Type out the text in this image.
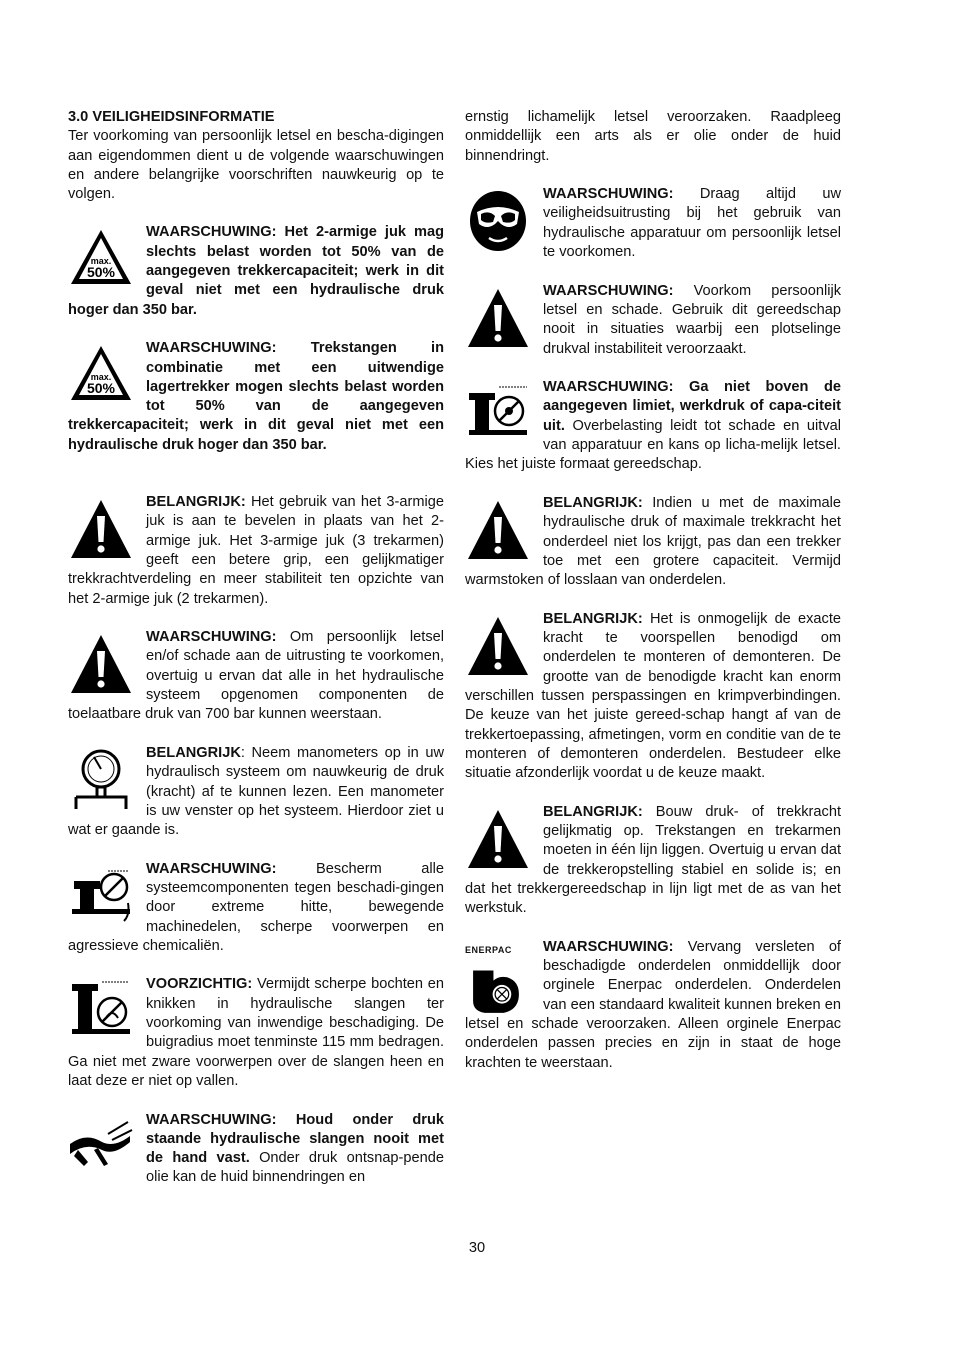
3.0 VEILIGHEIDSINFORMATIE

Ter voorkoming van persoonlijk letsel en bescha-digingen aan eigendommen dient u de volgende waarschuwingen en andere belangrijke voorschriften nauwkeurig op te volgen.

WAARSCHUWING: Het 2-armige juk mag slechts belast worden tot 50% van de aangegeven trekkercapaciteit; werk in dit geval niet met een hydraulische druk hoger dan 350 bar.
WAARSCHUWING: Trekstangen in combinatie met een uitwendige lagertrekker mogen slechts belast worden tot 50% van de aangegeven trekkercapaciteit; werk in dit geval niet met een hydraulische druk hoger dan 350 bar.
BELANGRIJK: Het gebruik van het 3-armige juk is aan te bevelen in plaats van het 2-armige juk. Het 3-armige juk (3 trekarmen) geeft een betere grip, een gelijkmatiger trekkrachtverdeling en meer stabiliteit ten opzichte van het 2-armige juk (2 trekarmen).
WAARSCHUWING: Om persoonlijk letsel en/of schade aan de uitrusting te voorkomen, overtuig u ervan dat alle in het hydraulische systeem opgenomen componenten de toelaatbare druk van 700 bar kunnen weerstaan.
BELANGRIJK: Neem manometers op in uw hydraulisch systeem om nauwkeurig de druk (kracht) af te kunnen lezen. Een manometer is uw venster op het systeem. Hierdoor ziet u wat er gaande is.
WAARSCHUWING: Bescherm alle systeemcomponenten tegen beschadi-gingen door extreme hitte, bewegende machinedelen, scherpe voorwerpen en agressieve chemicaliën.
VOORZICHTIG: Vermijdt scherpe bochten en knikken in hydraulische slangen ter voorkoming van inwendige beschadiging. De buigradius moet tenminste 115 mm bedragen. Ga niet met zware voorwerpen over de slangen heen en laat deze er niet op vallen.
WAARSCHUWING: Houd onder druk staande hydraulische slangen nooit met de hand vast. Onder druk ontsnap-pende olie kan de huid binnendringen en

ernstig lichamelijk letsel veroorzaken. Raadpleeg onmiddellijk een arts als er olie onder de huid binnendringt.

WAARSCHUWING: Draag altijd uw veiligheidsuitrusting bij het gebruik van hydraulische apparatuur om persoonlijk letsel te voorkomen.
WAARSCHUWING: Voorkom persoonlijk letsel en schade. Gebruik dit gereedschap nooit in situaties waarbij een plotselinge drukval instabiliteit veroorzaakt.
WAARSCHUWING: Ga niet boven de aangegeven limiet, werkdruk of capa-citeit uit. Overbelasting leidt tot schade en uitval van apparatuur en kans op licha-melijk letsel. Kies het juiste formaat gereedschap.
BELANGRIJK: Indien u met de maximale hydraulische druk of maximale trekkracht het onderdeel niet los krijgt, pas dan een trekker toe met een grotere capaciteit. Vermijd warmstoken of losslaan van onderdelen.
BELANGRIJK: Het is onmogelijk de exacte kracht te voorspellen benodigd om onderdelen te monteren of demonteren. De grootte van de benodigde kracht kan enorm verschillen tussen perspassingen en krimpverbindingen. De keuze van het juiste gereed-schap hangt af van de trekkertoepassing, afmetingen, vorm en conditie van de te monteren of demonteren onderdelen. Bestudeer elke situatie afzonderlijk voordat u de keuze maakt.
BELANGRIJK: Bouw druk- of trekkracht gelijkmatig op. Trekstangen en trekarmen moeten in één lijn liggen. Overtuig u ervan dat de trekkeropstelling stabiel en solide is; en dat het trekkergereedschap in lijn ligt met de as van het werkstuk.
ENERPAC	WAARSCHUWING: Vervang versleten of beschadigde onderdelen onmiddellijk door orginele Enerpac onderdelen. Onderdelen van een standaard kwaliteit kunnen breken en letsel en schade veroorzaken. Alleen orginele Enerpac onderdelen passen precies en zijn in staat de hoge krachten te weerstaan.
30
